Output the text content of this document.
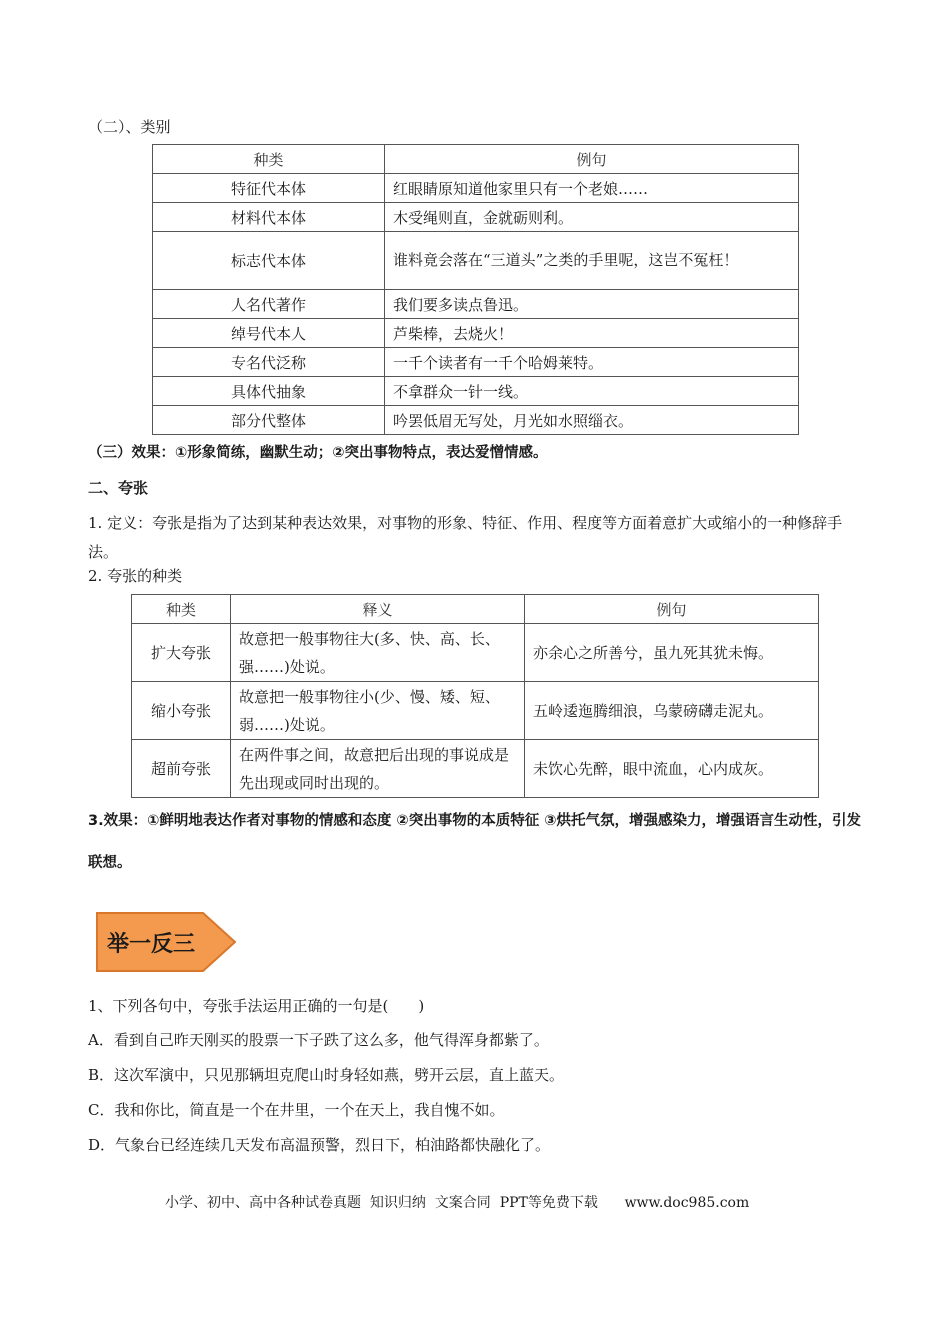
（二）、类别
种类	例句
特征代本体	红眼睛原知道他家里只有一个老娘……
材料代本体	木受绳则直，金就砺则利。
标志代本体	谁料竟会落在“三道头”之类的手里呢，这岂不冤枉！
人名代著作	我们要多读点鲁迅。
绰号代本人	芦柴棒，去烧火！
专名代泛称	一千个读者有一千个哈姆莱特。
具体代抽象	不拿群众一针一线。
部分代整体	吟罢低眉无写处，月光如水照缁衣。
（三）效果：①形象简练，幽默生动；②突出事物特点，表达爱憎情感。
二、夸张
1. 定义：夸张是指为了达到某种表达效果，对事物的形象、特征、作用、程度等方面着意扩大或缩小的一种修辞手法。
2. 夸张的种类
种类	释义	例句
扩大夸张	故意把一般事物往大(多、快、高、长、强……)处说。	亦余心之所善兮，虽九死其犹未悔。
缩小夸张	故意把一般事物往小(少、慢、矮、短、弱……)处说。	五岭逶迤腾细浪，乌蒙磅礴走泥丸。
超前夸张	在两件事之间，故意把后出现的事说成是先出现或同时出现的。	未饮心先醉，眼中流血，心内成灰。
3.效果：①鲜明地表达作者对事物的情感和态度 ②突出事物的本质特征 ③烘托气氛，增强感染力，增强语言生动性，引发联想。
举一反三
1、下列各句中，夸张手法运用正确的一句是(　　)
A．看到自己昨天刚买的股票一下子跌了这么多，他气得浑身都紫了。
B．这次军演中，只见那辆坦克爬山时身轻如燕，劈开云层，直上蓝天。
C．我和你比，简直是一个在井里，一个在天上，我自愧不如。
D．气象台已经连续几天发布高温预警，烈日下，柏油路都快融化了。
小学、初中、高中各种试卷真题  知识归纳  文案合同  PPT等免费下载      www.doc985.com
